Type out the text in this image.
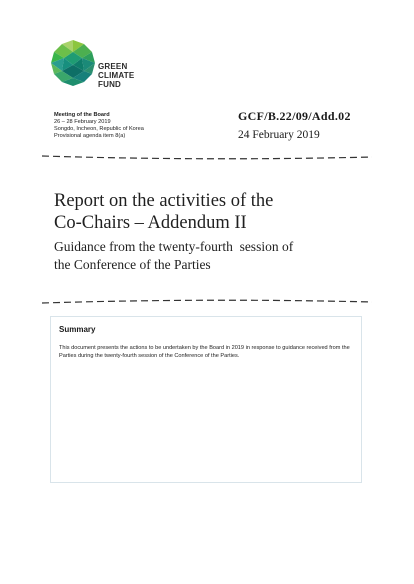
GREEN
CLIMATE
FUND
Meeting of the Board
26 – 28 February 2019
Songdo, Incheon, Republic of Korea
Provisional agenda item 8(a)
GCF/B.22/09/Add.02
24 February 2019
Report on the activities of the
Co-Chairs – Addendum II
Guidance from the twenty-fourth  session of
the Conference of the Parties
Summary
This document presents the actions to be undertaken by the Board in 2019 in response to guidance received from the Parties during the twenty-fourth session of the Conference of the Parties.
